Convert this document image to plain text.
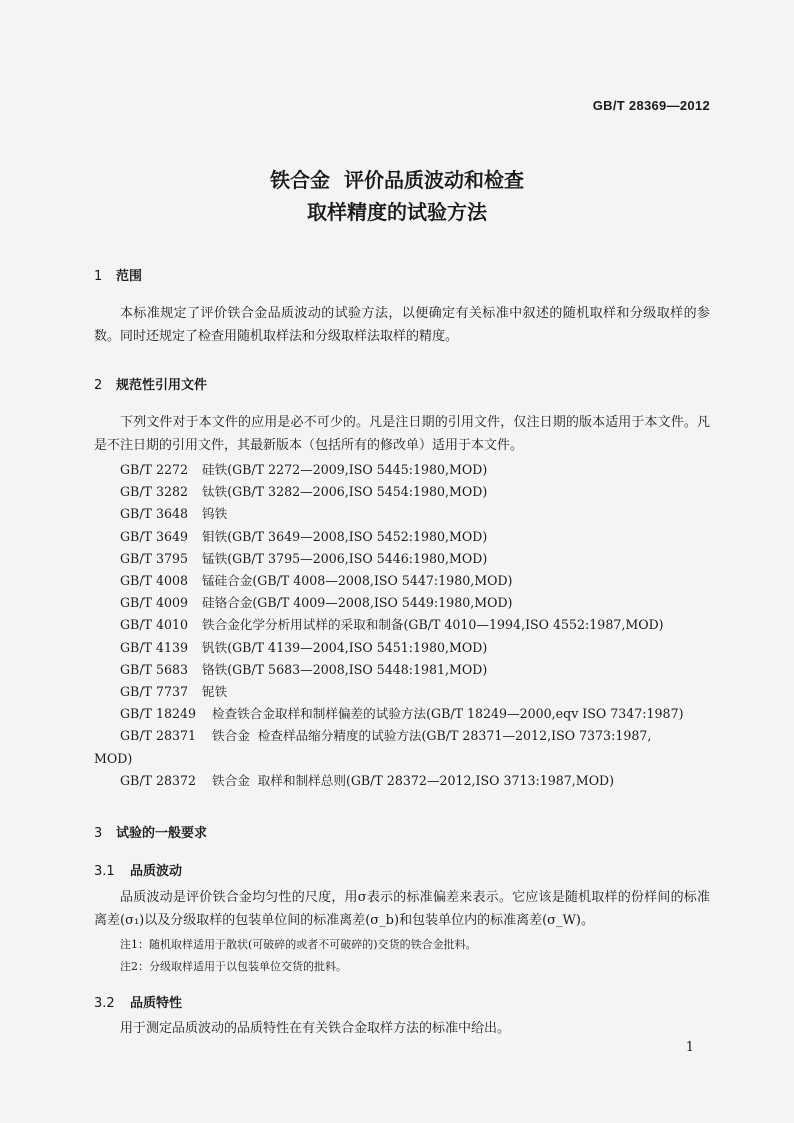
GB/T 28369—2012
铁合金  评价品质波动和检查
取样精度的试验方法
1 范围
本标准规定了评价铁合金品质波动的试验方法，以便确定有关标准中叙述的随机取样和分级取样的参数。同时还规定了检查用随机取样法和分级取样法取样的精度。
2 规范性引用文件
下列文件对于本文件的应用是必不可少的。凡是注日期的引用文件，仅注日期的版本适用于本文件。凡是不注日期的引用文件，其最新版本（包括所有的修改单）适用于本文件。
GB/T 2272 硅铁(GB/T 2272—2009,ISO 5445:1980,MOD)
GB/T 3282 钛铁(GB/T 3282—2006,ISO 5454:1980,MOD)
GB/T 3648 钨铁
GB/T 3649 钼铁(GB/T 3649—2008,ISO 5452:1980,MOD)
GB/T 3795 锰铁(GB/T 3795—2006,ISO 5446:1980,MOD)
GB/T 4008 锰硅合金(GB/T 4008—2008,ISO 5447:1980,MOD)
GB/T 4009 硅铬合金(GB/T 4009—2008,ISO 5449:1980,MOD)
GB/T 4010 铁合金化学分析用试样的采取和制备(GB/T 4010—1994,ISO 4552:1987,MOD)
GB/T 4139 钒铁(GB/T 4139—2004,ISO 5451:1980,MOD)
GB/T 5683 铬铁(GB/T 5683—2008,ISO 5448:1981,MOD)
GB/T 7737 铌铁
GB/T 18249 检查铁合金取样和制样偏差的试验方法(GB/T 18249—2000,eqv ISO 7347:1987)
GB/T 28371 铁合金  检查样品缩分精度的试验方法(GB/T 28371—2012,ISO 7373:1987,
MOD)
GB/T 28372 铁合金  取样和制样总则(GB/T 28372—2012,ISO 3713:1987,MOD)
3 试验的一般要求
3.1 品质波动
品质波动是评价铁合金均匀性的尺度，用σ表示的标准偏差来表示。它应该是随机取样的份样间的标准离差(σ₁)以及分级取样的包装单位间的标准离差(σ_b)和包装单位内的标准离差(σ_W)。
注1：随机取样适用于散状(可破碎的或者不可破碎的)交货的铁合金批料。
注2：分级取样适用于以包装单位交货的批料。
3.2 品质特性
用于测定品质波动的品质特性在有关铁合金取样方法的标准中给出。
1
